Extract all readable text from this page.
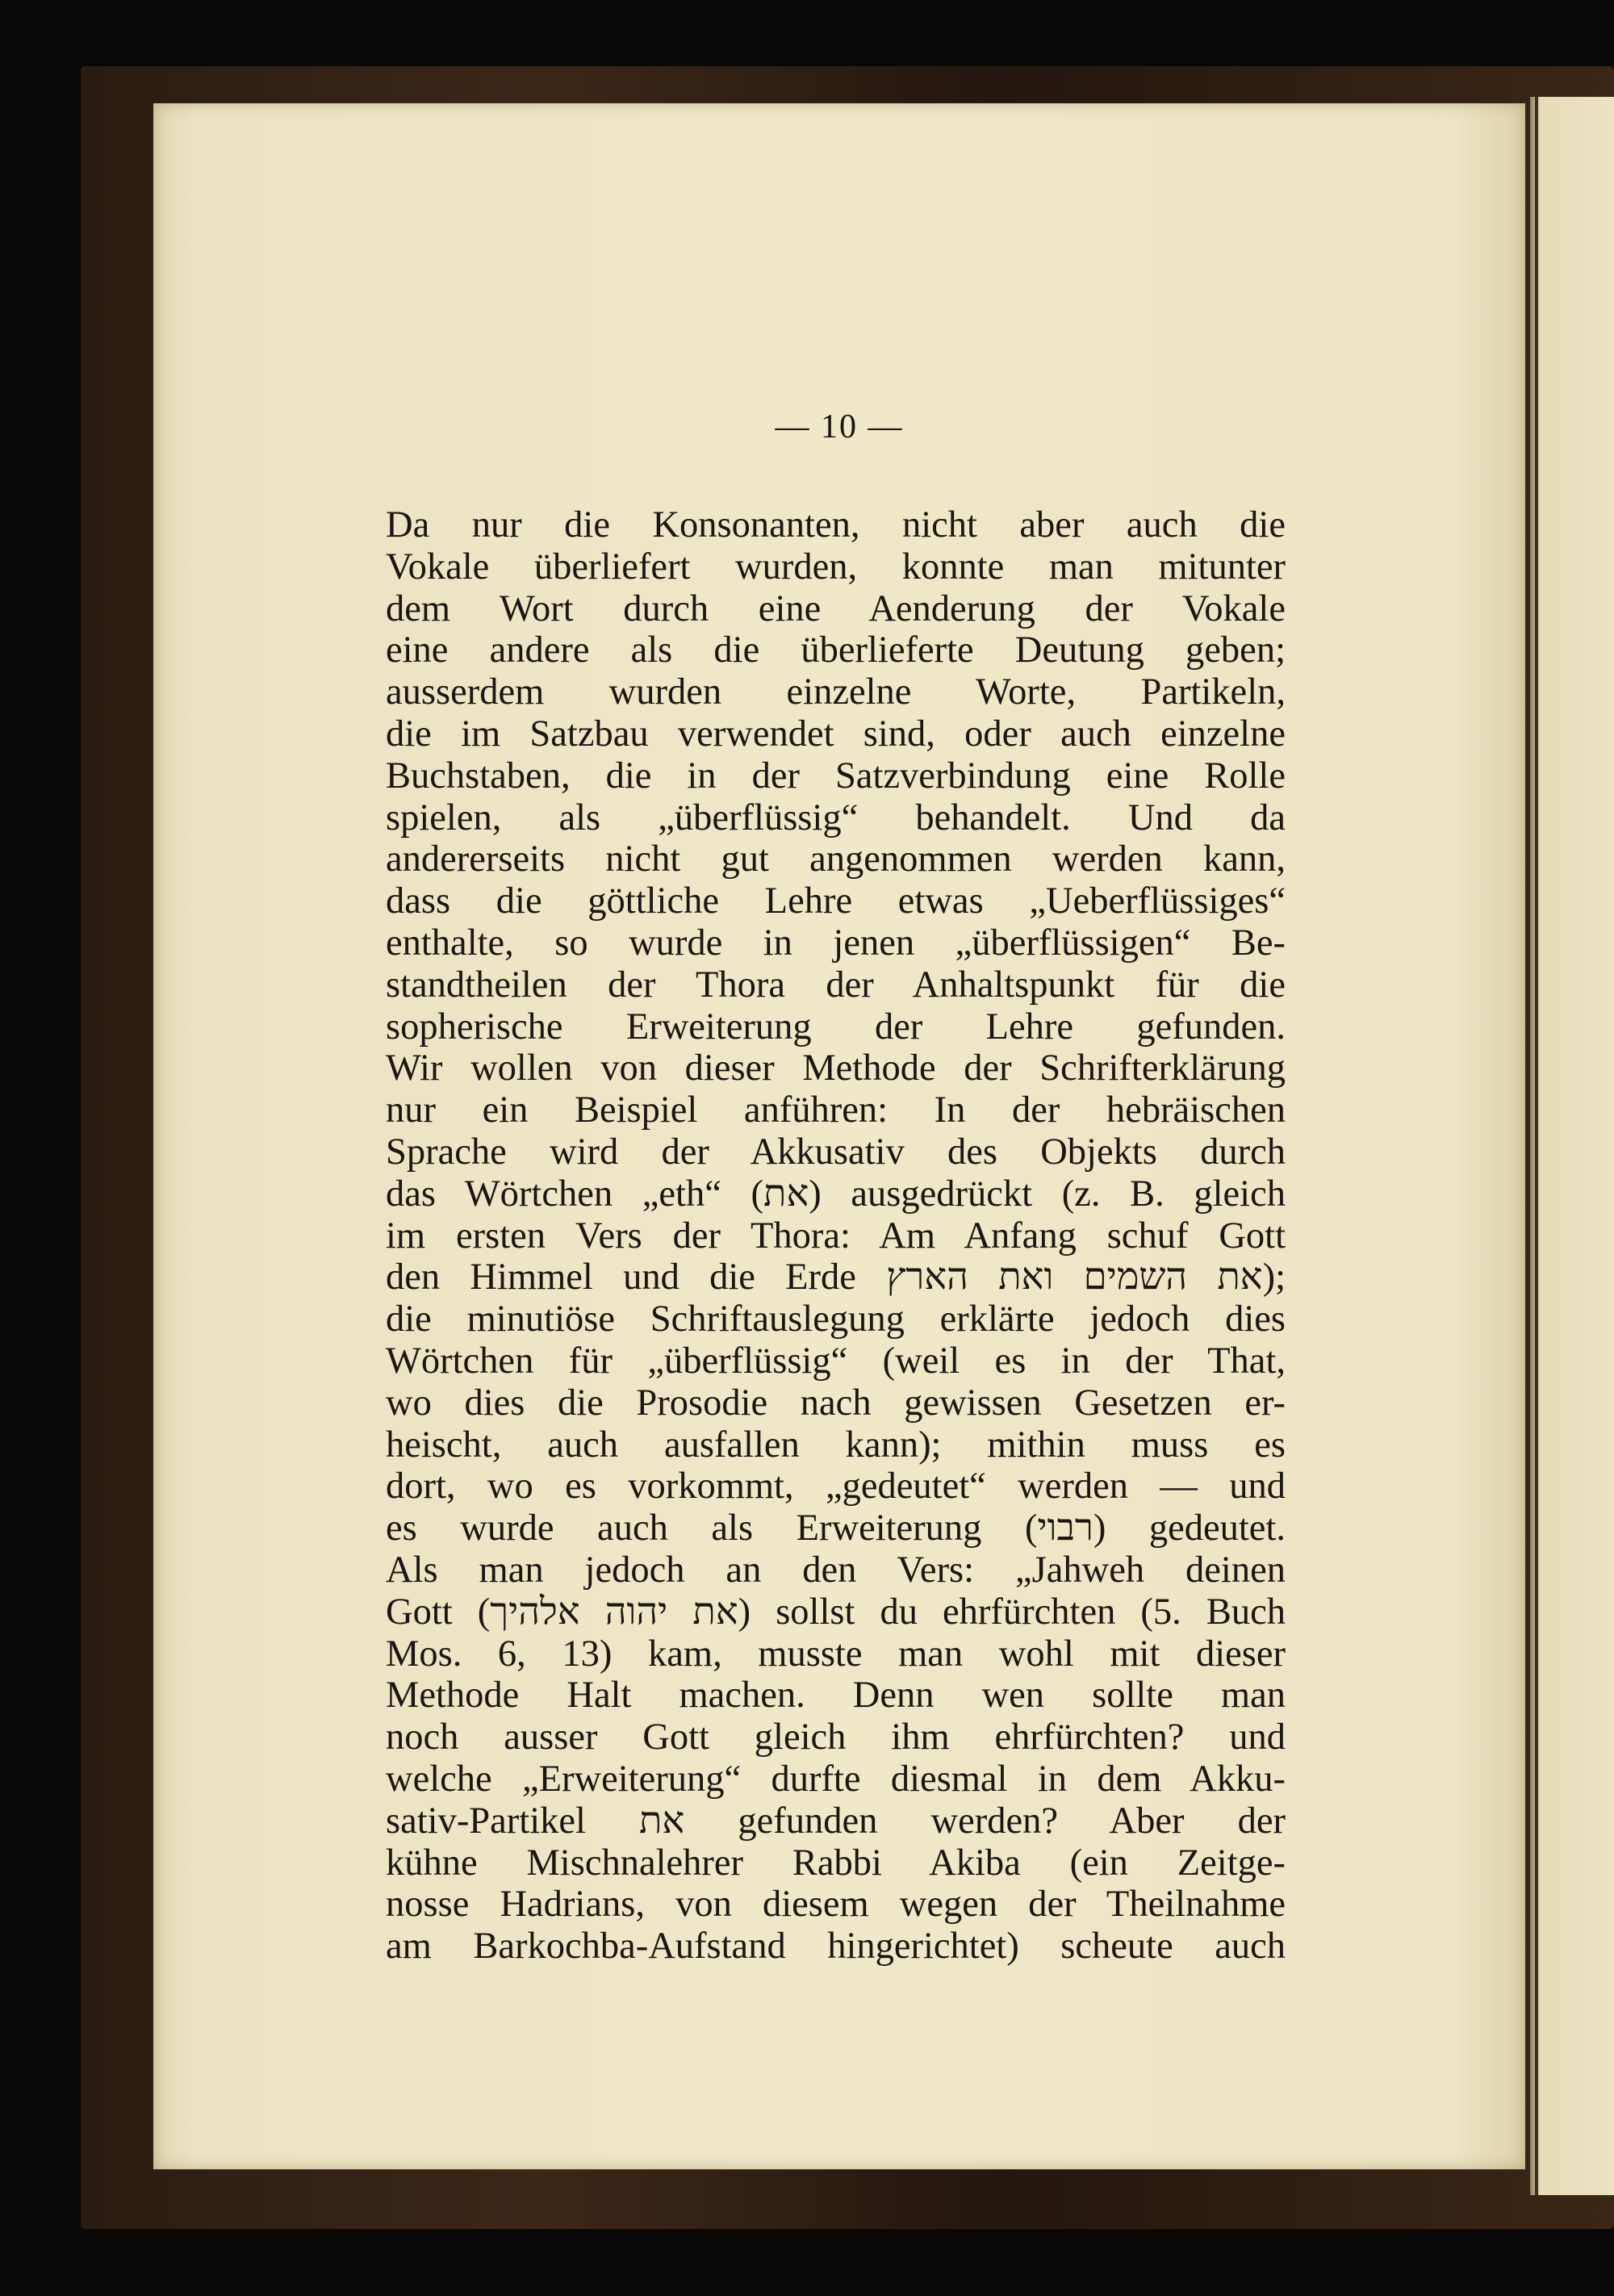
— 10 —
Da nur die Konsonanten, nicht aber auch die
Vokale überliefert wurden, konnte man mitunter
dem Wort durch eine Aenderung der Vokale
eine andere als die überlieferte Deutung geben;
ausserdem wurden einzelne Worte, Partikeln,
die im Satzbau verwendet sind, oder auch einzelne
Buchstaben, die in der Satzverbindung eine Rolle
spielen, als „überflüssig“ behandelt. Und da
andererseits nicht gut angenommen werden kann,
dass die göttliche Lehre etwas „Ueberflüssiges“
enthalte, so wurde in jenen „überflüssigen“ Be-
standtheilen der Thora der Anhaltspunkt für die
sopherische Erweiterung der Lehre gefunden.
Wir wollen von dieser Methode der Schrifterklärung
nur ein Beispiel anführen: In der hebräischen
Sprache wird der Akkusativ des Objekts durch
das Wörtchen „eth“ (את) ausgedrückt (z. B. gleich
im ersten Vers der Thora: Am Anfang schuf Gott
den Himmel und die Erde את השמים ואת הארץ);
die minutiöse Schriftauslegung erklärte jedoch dies
Wörtchen für „überflüssig“ (weil es in der That,
wo dies die Prosodie nach gewissen Gesetzen er-
heischt, auch ausfallen kann); mithin muss es
dort, wo es vorkommt, „gedeutet“ werden — und
es wurde auch als Erweiterung (רבוי) gedeutet.
Als man jedoch an den Vers: „Jahweh deinen
Gott (את יהוה אלהיך) sollst du ehrfürchten (5. Buch
Mos. 6, 13) kam, musste man wohl mit dieser
Methode Halt machen. Denn wen sollte man
noch ausser Gott gleich ihm ehrfürchten? und
welche „Erweiterung“ durfte diesmal in dem Akku-
sativ-Partikel את gefunden werden? Aber der
kühne Mischnalehrer Rabbi Akiba (ein Zeitge-
nosse Hadrians, von diesem wegen der Theilnahme
am Barkochba-Aufstand hingerichtet) scheute auch
